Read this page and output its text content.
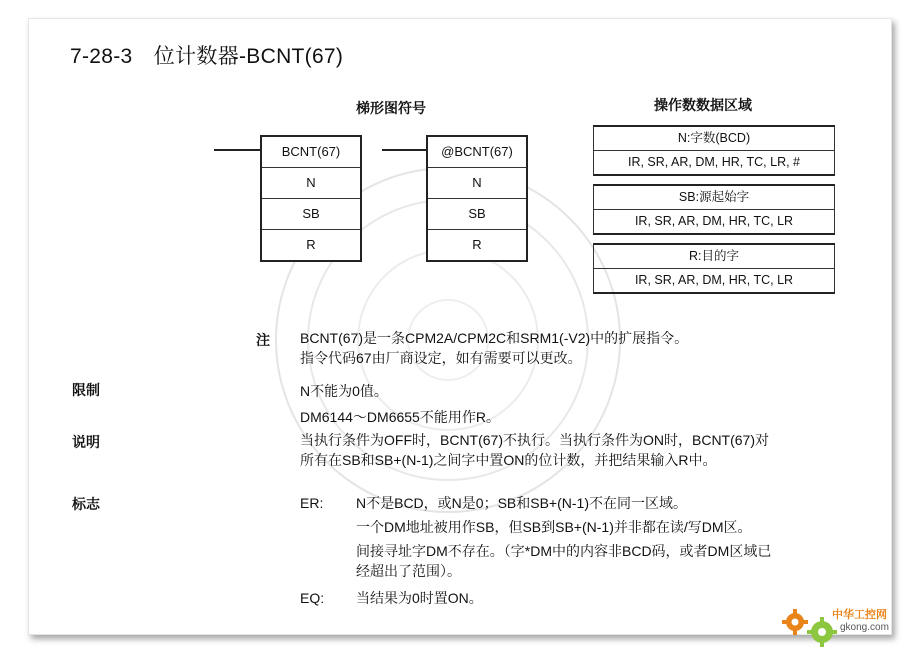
7-28-3　位计数器-BCNT(67)
梯形图符号
BCNT(67)
N
SB
R
@BCNT(67)
N
SB
R
操作数数据区域
N:字数(BCD)
IR, SR, AR, DM, HR, TC, LR, #
SB:源起始字
IR, SR, AR, DM, HR, TC, LR
R:目的字
IR, SR, AR, DM, HR, TC, LR
注 BCNT(67)是一条CPM2A/CPM2C和SRM1(-V2)中的扩展指令。
指令代码67由厂商设定，如有需要可以更改。
限制	N不能为0值。
DM6144～DM6655不能用作R。
说明	当执行条件为OFF时，BCNT(67)不执行。当执行条件为ON时，BCNT(67)对
所有在SB和SB+(N-1)之间字中置ON的位计数，并把结果输入R中。
标志	ER: N不是BCD，或N是0；SB和SB+(N-1)不在同一区域。
一个DM地址被用作SB，但SB到SB+(N-1)并非都在读/写DM区。
间接寻址字DM不存在。（字*DM中的内容非BCD码，或者DM区域已
经超出了范围）。
EQ: 当结果为0时置ON。
中华工控网
gkong.com
